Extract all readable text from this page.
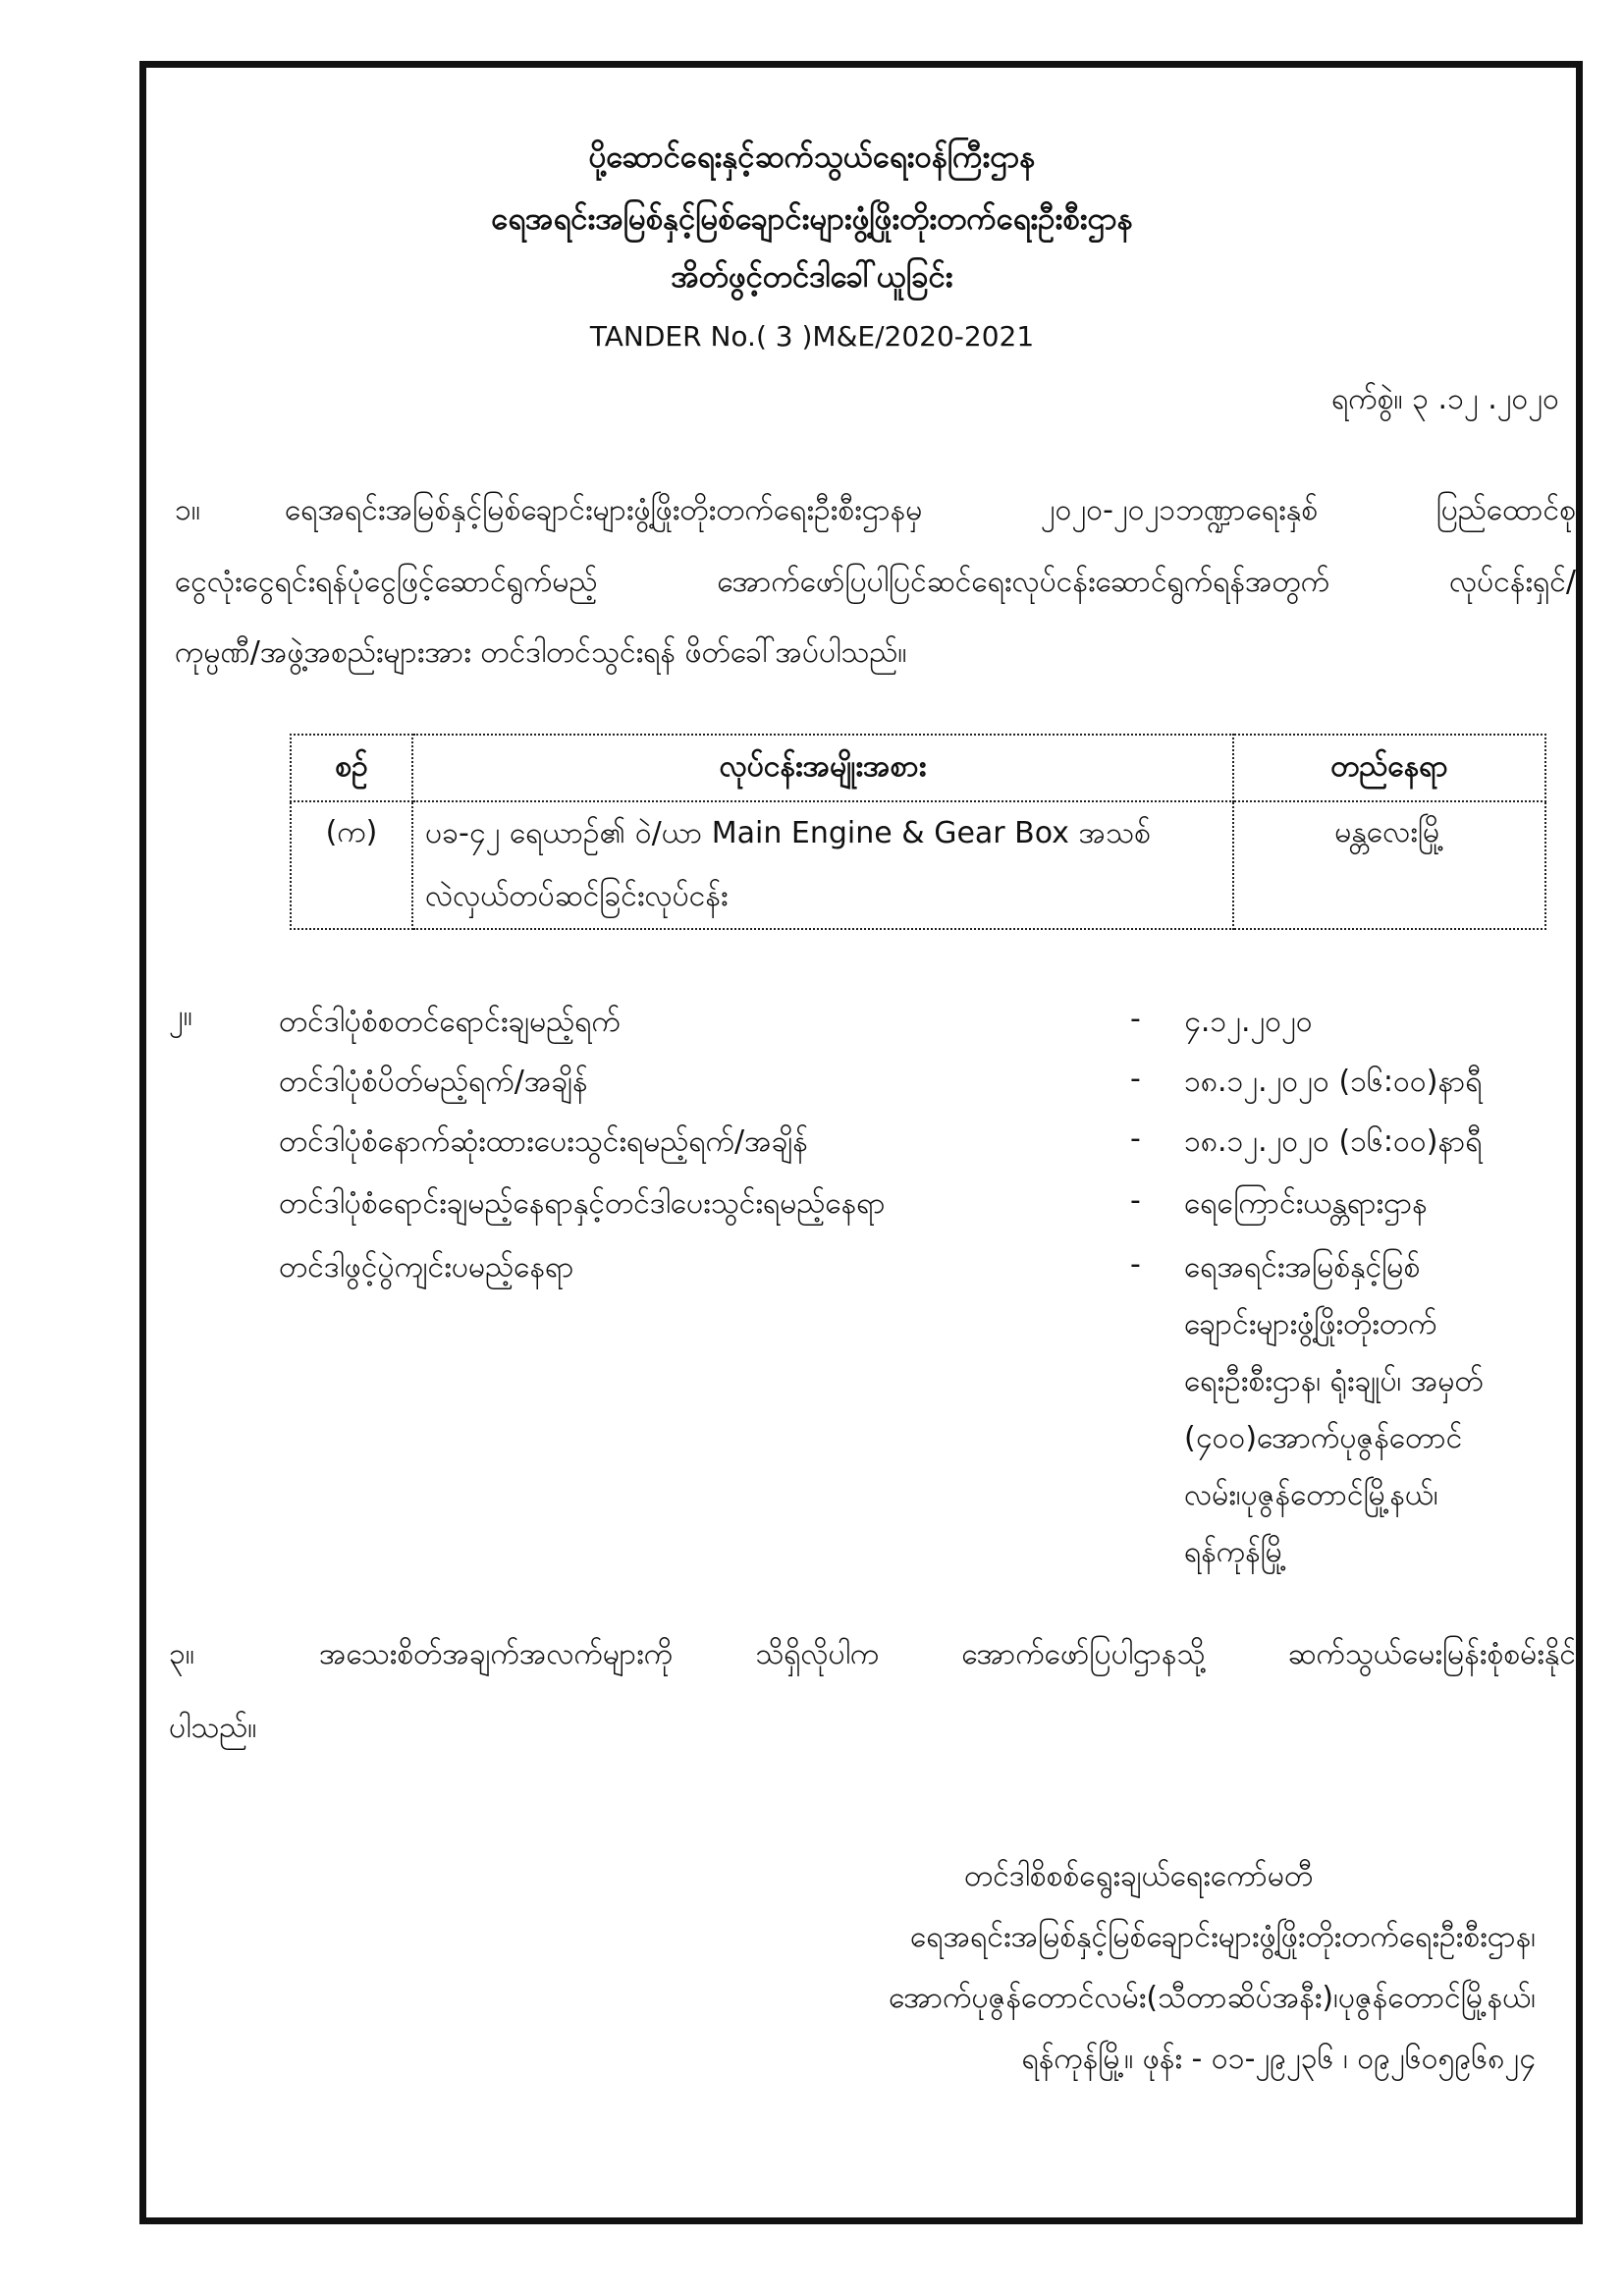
ပို့ဆောင်ရေးနှင့်ဆက်သွယ်ရေးဝန်ကြီးဌာန
ရေအရင်းအမြစ်နှင့်မြစ်ချောင်းများဖွံ့ဖြိုးတိုးတက်ရေးဦးစီးဌာန
အိတ်ဖွင့်တင်ဒါခေါ်ယူခြင်း
TANDER No.( 3 )M&E/2020-2021
ရက်စွဲ။ ၃ .၁၂ .၂၀၂၀
၁။	ရေအရင်းအမြစ်နှင့်မြစ်ချောင်းများဖွံ့ဖြိုးတိုးတက်ရေးဦးစီးဌာနမှ ၂၀၂၀-၂၀၂၁ဘဏ္ဍာရေးနှစ် ပြည်ထောင်စု
ငွေလုံးငွေရင်းရန်ပုံငွေဖြင့်ဆောင်ရွက်မည့် အောက်ဖော်ပြပါပြင်ဆင်ရေးလုပ်ငန်းဆောင်ရွက်ရန်အတွက် လုပ်ငန်းရှင်/
ကုမ္ပဏီ/အဖွဲ့အစည်းများအား တင်ဒါတင်သွင်းရန် ဖိတ်ခေါ်အပ်ပါသည်။
စဉ်	လုပ်ငန်းအမျိုးအစား	တည်နေရာ
(က)	ပခ-၄၂ ရေယာဉ်၏ ဝဲ/ယာ Main Engine & Gear Box အသစ်
လဲလှယ်တပ်ဆင်ခြင်းလုပ်ငန်း	မန္တလေးမြို့
၂။	တင်ဒါပုံစံစတင်ရောင်းချမည့်ရက်	- ၄.၁၂.၂၀၂၀
တင်ဒါပုံစံပိတ်မည့်ရက်/အချိန်	- ၁၈.၁၂.၂၀၂၀ (၁၆:၀၀)နာရီ
တင်ဒါပုံစံနောက်ဆုံးထားပေးသွင်းရမည့်ရက်/အချိန်	- ၁၈.၁၂.၂၀၂၀ (၁၆:၀၀)နာရီ
တင်ဒါပုံစံရောင်းချမည့်နေရာနှင့်တင်ဒါပေးသွင်းရမည့်နေရာ	- ရေကြောင်းယန္တရားဌာန
တင်ဒါဖွင့်ပွဲကျင်းပမည့်နေရာ	- ရေအရင်းအမြစ်နှင့်မြစ်
ချောင်းများဖွံ့ဖြိုးတိုးတက်
ရေးဦးစီးဌာန၊ ရုံးချုပ်၊ အမှတ်
(၄၀၀)အောက်ပုဇွန်တောင်
လမ်း၊ပုဇွန်တောင်မြို့နယ်၊
ရန်ကုန်မြို့
၃။	အသေးစိတ်အချက်အလက်များကို သိရှိလိုပါက အောက်ဖော်ပြပါဌာနသို့ ဆက်သွယ်မေးမြန်းစုံစမ်းနိုင်
ပါသည်။
တင်ဒါစိစစ်ရွေးချယ်ရေးကော်မတီ
ရေအရင်းအမြစ်နှင့်မြစ်ချောင်းများဖွံ့ဖြိုးတိုးတက်ရေးဦးစီးဌာန၊
အောက်ပုဇွန်တောင်လမ်း(သီတာဆိပ်အနီး)၊ပုဇွန်တောင်မြို့နယ်၊
ရန်ကုန်မြို့။ ဖုန်း - ၀၁-၂၉၂၃၆ ၊ ၀၉၂၆၀၅၉၆၈၂၄
